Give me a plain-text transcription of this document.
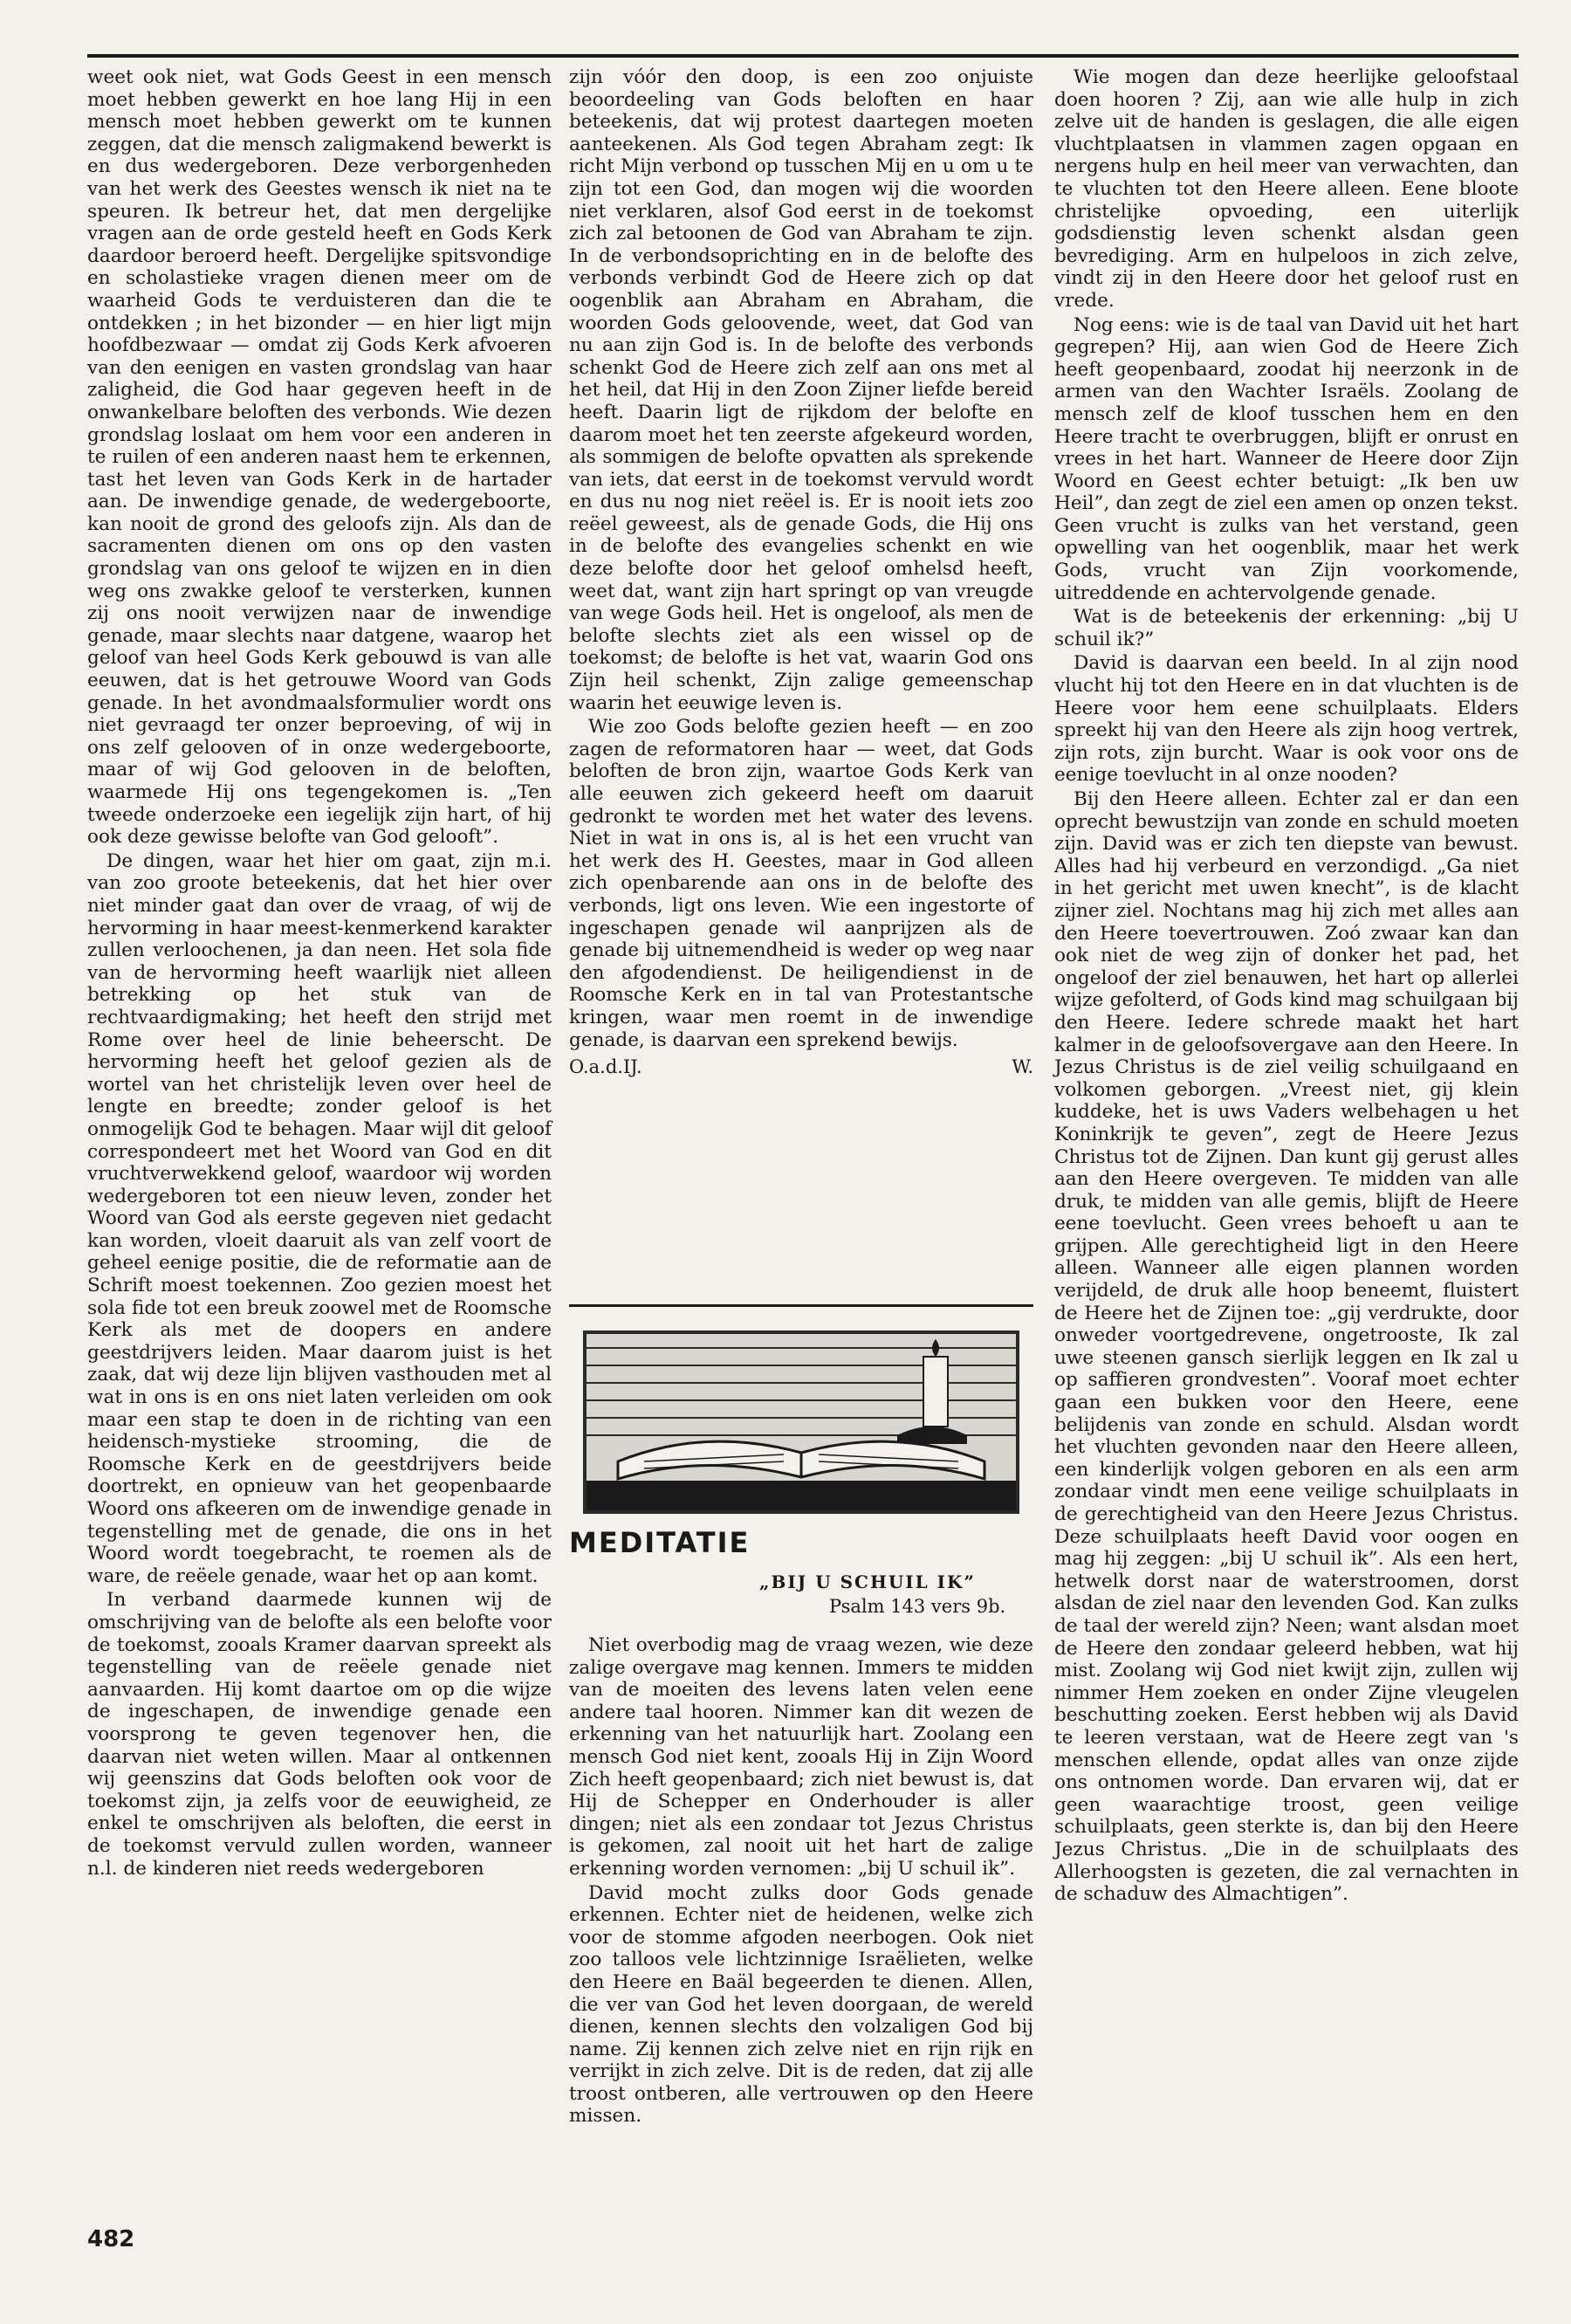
weet ook niet, wat Gods Geest in een mensch moet hebben gewerkt en hoe lang Hij in een mensch moet hebben gewerkt om te kunnen zeggen, dat die mensch zaligmakend bewerkt is en dus wedergeboren. Deze verborgenheden van het werk des Geestes wensch ik niet na te speuren. Ik betreur het, dat men dergelijke vragen aan de orde gesteld heeft en Gods Kerk daardoor beroerd heeft. Dergelijke spitsvondige en scholastieke vragen dienen meer om de waarheid Gods te verduisteren dan die te ontdekken ; in het bizonder — en hier ligt mijn hoofdbezwaar — omdat zij Gods Kerk afvoeren van den eenigen en vasten grondslag van haar zaligheid, die God haar gegeven heeft in de onwankelbare beloften des verbonds. Wie dezen grondslag loslaat om hem voor een anderen in te ruilen of een anderen naast hem te erkennen, tast het leven van Gods Kerk in de hartader aan. De inwendige genade, de wedergeboorte, kan nooit de grond des geloofs zijn. Als dan de sacramenten dienen om ons op den vasten grondslag van ons geloof te wijzen en in dien weg ons zwakke geloof te versterken, kunnen zij ons nooit verwijzen naar de inwendige genade, maar slechts naar datgene, waarop het geloof van heel Gods Kerk gebouwd is van alle eeuwen, dat is het getrouwe Woord van Gods genade. In het avondmaalsformulier wordt ons niet gevraagd ter onzer beproeving, of wij in ons zelf gelooven of in onze wedergeboorte, maar of wij God gelooven in de beloften, waarmede Hij ons tegengekomen is. „Ten tweede onderzoeke een iegelijk zijn hart, of hij ook deze gewisse belofte van God gelooft”.

De dingen, waar het hier om gaat, zijn m.i. van zoo groote beteekenis, dat het hier over niet minder gaat dan over de vraag, of wij de hervorming in haar meest-kenmerkend karakter zullen verloochenen, ja dan neen. Het sola fide van de hervorming heeft waarlijk niet alleen betrekking op het stuk van de rechtvaardigmaking; het heeft den strijd met Rome over heel de linie beheerscht. De hervorming heeft het geloof gezien als de wortel van het christelijk leven over heel de lengte en breedte; zonder geloof is het onmogelijk God te behagen. Maar wijl dit geloof correspondeert met het Woord van God en dit vruchtverwekkend geloof, waardoor wij worden wedergeboren tot een nieuw leven, zonder het Woord van God als eerste gegeven niet gedacht kan worden, vloeit daaruit als van zelf voort de geheel eenige positie, die de reformatie aan de Schrift moest toekennen. Zoo gezien moest het sola fide tot een breuk zoowel met de Roomsche Kerk als met de doopers en andere geestdrijvers leiden. Maar daarom juist is het zaak, dat wij deze lijn blijven vasthouden met al wat in ons is en ons niet laten verleiden om ook maar een stap te doen in de richting van een heidensch-mystieke strooming, die de Roomsche Kerk en de geestdrijvers beide doortrekt, en opnieuw van het geopenbaarde Woord ons afkeeren om de inwendige genade in tegenstelling met de genade, die ons in het Woord wordt toegebracht, te roemen als de ware, de reëele genade, waar het op aan komt.

In verband daarmede kunnen wij de omschrijving van de belofte als een belofte voor de toekomst, zooals Kramer daarvan spreekt als tegenstelling van de reëele genade niet aanvaarden. Hij komt daartoe om op die wijze de ingeschapen, de inwendige genade een voorsprong te geven tegenover hen, die daarvan niet weten willen. Maar al ontkennen wij geenszins dat Gods beloften ook voor de toekomst zijn, ja zelfs voor de eeuwigheid, ze enkel te omschrijven als beloften, die eerst in de toekomst vervuld zullen worden, wanneer n.l. de kinderen niet reeds wedergeboren

zijn vóór den doop, is een zoo onjuiste beoordeeling van Gods beloften en haar beteekenis, dat wij protest daartegen moeten aanteekenen. Als God tegen Abraham zegt: Ik richt Mijn verbond op tusschen Mij en u om u te zijn tot een God, dan mogen wij die woorden niet verklaren, alsof God eerst in de toekomst zich zal betoonen de God van Abraham te zijn. In de verbondsoprichting en in de belofte des verbonds verbindt God de Heere zich op dat oogenblik aan Abraham en Abraham, die woorden Gods geloovende, weet, dat God van nu aan zijn God is. In de belofte des verbonds schenkt God de Heere zich zelf aan ons met al het heil, dat Hij in den Zoon Zijner liefde bereid heeft. Daarin ligt de rijkdom der belofte en daarom moet het ten zeerste afgekeurd worden, als sommigen de belofte opvatten als sprekende van iets, dat eerst in de toekomst vervuld wordt en dus nu nog niet reëel is. Er is nooit iets zoo reëel geweest, als de genade Gods, die Hij ons in de belofte des evangelies schenkt en wie deze belofte door het geloof omhelsd heeft, weet dat, want zijn hart springt op van vreugde van wege Gods heil. Het is ongeloof, als men de belofte slechts ziet als een wissel op de toekomst; de belofte is het vat, waarin God ons Zijn heil schenkt, Zijn zalige gemeenschap waarin het eeuwige leven is.

Wie zoo Gods belofte gezien heeft — en zoo zagen de reformatoren haar — weet, dat Gods beloften de bron zijn, waartoe Gods Kerk van alle eeuwen zich gekeerd heeft om daaruit gedronkt te worden met het water des levens. Niet in wat in ons is, al is het een vrucht van het werk des H. Geestes, maar in God alleen zich openbarende aan ons in de belofte des verbonds, ligt ons leven. Wie een ingestorte of ingeschapen genade wil aanprijzen als de genade bij uitnemendheid is weder op weg naar den afgodendienst. De heiligendienst in de Roomsche Kerk en in tal van Protestantsche kringen, waar men roemt in de inwendige genade, is daarvan een sprekend bewijs.

O.a.d.IJ.	W.
MEDITATIE
„BIJ U SCHUIL IK”
Psalm 143 vers 9b.

Niet overbodig mag de vraag wezen, wie deze zalige overgave mag kennen. Immers te midden van de moeiten des levens laten velen eene andere taal hooren. Nimmer kan dit wezen de erkenning van het natuurlijk hart. Zoolang een mensch God niet kent, zooals Hij in Zijn Woord Zich heeft geopenbaard; zich niet bewust is, dat Hij de Schepper en Onderhouder is aller dingen; niet als een zondaar tot Jezus Christus is gekomen, zal nooit uit het hart de zalige erkenning worden vernomen: „bij U schuil ik”.

David mocht zulks door Gods genade erkennen. Echter niet de heidenen, welke zich voor de stomme afgoden neerbogen. Ook niet zoo talloos vele lichtzinnige Israëlieten, welke den Heere en Baäl begeerden te dienen. Allen, die ver van God het leven doorgaan, de wereld dienen, kennen slechts den volzaligen God bij name. Zij kennen zich zelve niet en rijn rijk en verrijkt in zich zelve. Dit is de reden, dat zij alle troost ontberen, alle vertrouwen op den Heere missen.

Wie mogen dan deze heerlijke geloofstaal doen hooren ? Zij, aan wie alle hulp in zich zelve uit de handen is geslagen, die alle eigen vluchtplaatsen in vlammen zagen opgaan en nergens hulp en heil meer van verwachten, dan te vluchten tot den Heere alleen. Eene blootе christelijke opvoeding, een uiterlijk godsdienstig leven schenkt alsdan geen bevrediging. Arm en hulpeloos in zich zelve, vindt zij in den Heere door het geloof rust en vrede.

Nog eens: wie is de taal van David uit het hart gegrepen? Hij, aan wien God de Heere Zich heeft geopenbaard, zoodat hij neerzonk in de armen van den Wachter Israëls. Zoolang de mensch zelf de kloof tusschen hem en den Heere tracht te overbruggen, blijft er onrust en vrees in het hart. Wanneer de Heere door Zijn Woord en Geest echter betuigt: „Ik ben uw Heil”, dan zegt de ziel een amen op onzen tekst. Geen vrucht is zulks van het verstand, geen opwelling van het oogenblik, maar het werk Gods, vrucht van Zijn voorkomende, uitreddende en achtervolgende genade.

Wat is de beteekenis der erkenning: „bij U schuil ik?”

David is daarvan een beeld. In al zijn nood vlucht hij tot den Heere en in dat vluchten is de Heere voor hem eene schuilplaats. Elders spreekt hij van den Heere als zijn hoog vertrek, zijn rots, zijn burcht. Waar is ook voor ons de eenige toevlucht in al onze nooden?

Bij den Heere alleen. Echter zal er dan een oprecht bewustzijn van zonde en schuld moeten zijn. David was er zich ten diepste van bewust. Alles had hij verbeurd en verzondigd. „Ga niet in het gericht met uwen knecht”, is de klacht zijner ziel. Nochtans mag hij zich met alles aan den Heere toevertrouwen. Zoó zwaar kan dan ook niet de weg zijn of donker het pad, het ongeloof der ziel benauwen, het hart op allerlei wijze gefolterd, of Gods kind mag schuilgaan bij den Heere. Iedere schrede maakt het hart kalmer in de geloofsovergave aan den Heere. In Jezus Christus is de ziel veilig schuilgaand en volkomen geborgen. „Vreest niet, gij klein kuddeke, het is uws Vaders welbehagen u het Koninkrijk te geven”, zegt de Heere Jezus Christus tot de Zijnen. Dan kunt gij gerust alles aan den Heere overgeven. Te midden van alle druk, te midden van alle gemis, blijft de Heere eene toevlucht. Geen vrees behoeft u aan te grijpen. Alle gerechtigheid ligt in den Heere alleen. Wanneer alle eigen plannen worden verijdeld, de druk alle hoop beneemt, fluistert de Heere het de Zijnen toe: „gij verdrukte, door onweder voortgedrevene, ongetroostе, Ik zal uwe steenen gansch sierlijk leggen en Ik zal u op saffieren grondvesten”. Vooraf moet echter gaan een bukken voor den Heere, eene belijdenis van zonde en schuld. Alsdan wordt het vluchten gevonden naar den Heere alleen, een kinderlijk volgen geboren en als een arm zondaar vindt men eene veilige schuilplaats in de gerechtigheid van den Heere Jezus Christus. Deze schuilplaats heeft David voor oogen en mag hij zeggen: „bij U schuil ik”. Als een hert, hetwelk dorst naar de waterstroomen, dorst alsdan de ziel naar den levenden God. Kan zulks de taal der wereld zijn? Neen; want alsdan moet de Heere den zondaar geleerd hebben, wat hij mist. Zoolang wij God niet kwijt zijn, zullen wij nimmer Hem zoeken en onder Zijne vleugelen beschutting zoeken. Eerst hebben wij als David te leeren verstaan, wat de Heere zegt van 's menschen ellende, opdat alles van onze zijde ons ontnomen worde. Dan ervaren wij, dat er geen waarachtige troost, geen veilige schuilplaats, geen sterkte is, dan bij den Heere Jezus Christus. „Die in de schuilplaats des Allerhoogsten is gezeten, die zal vernachten in de schaduw des Almachtigen”.

482
